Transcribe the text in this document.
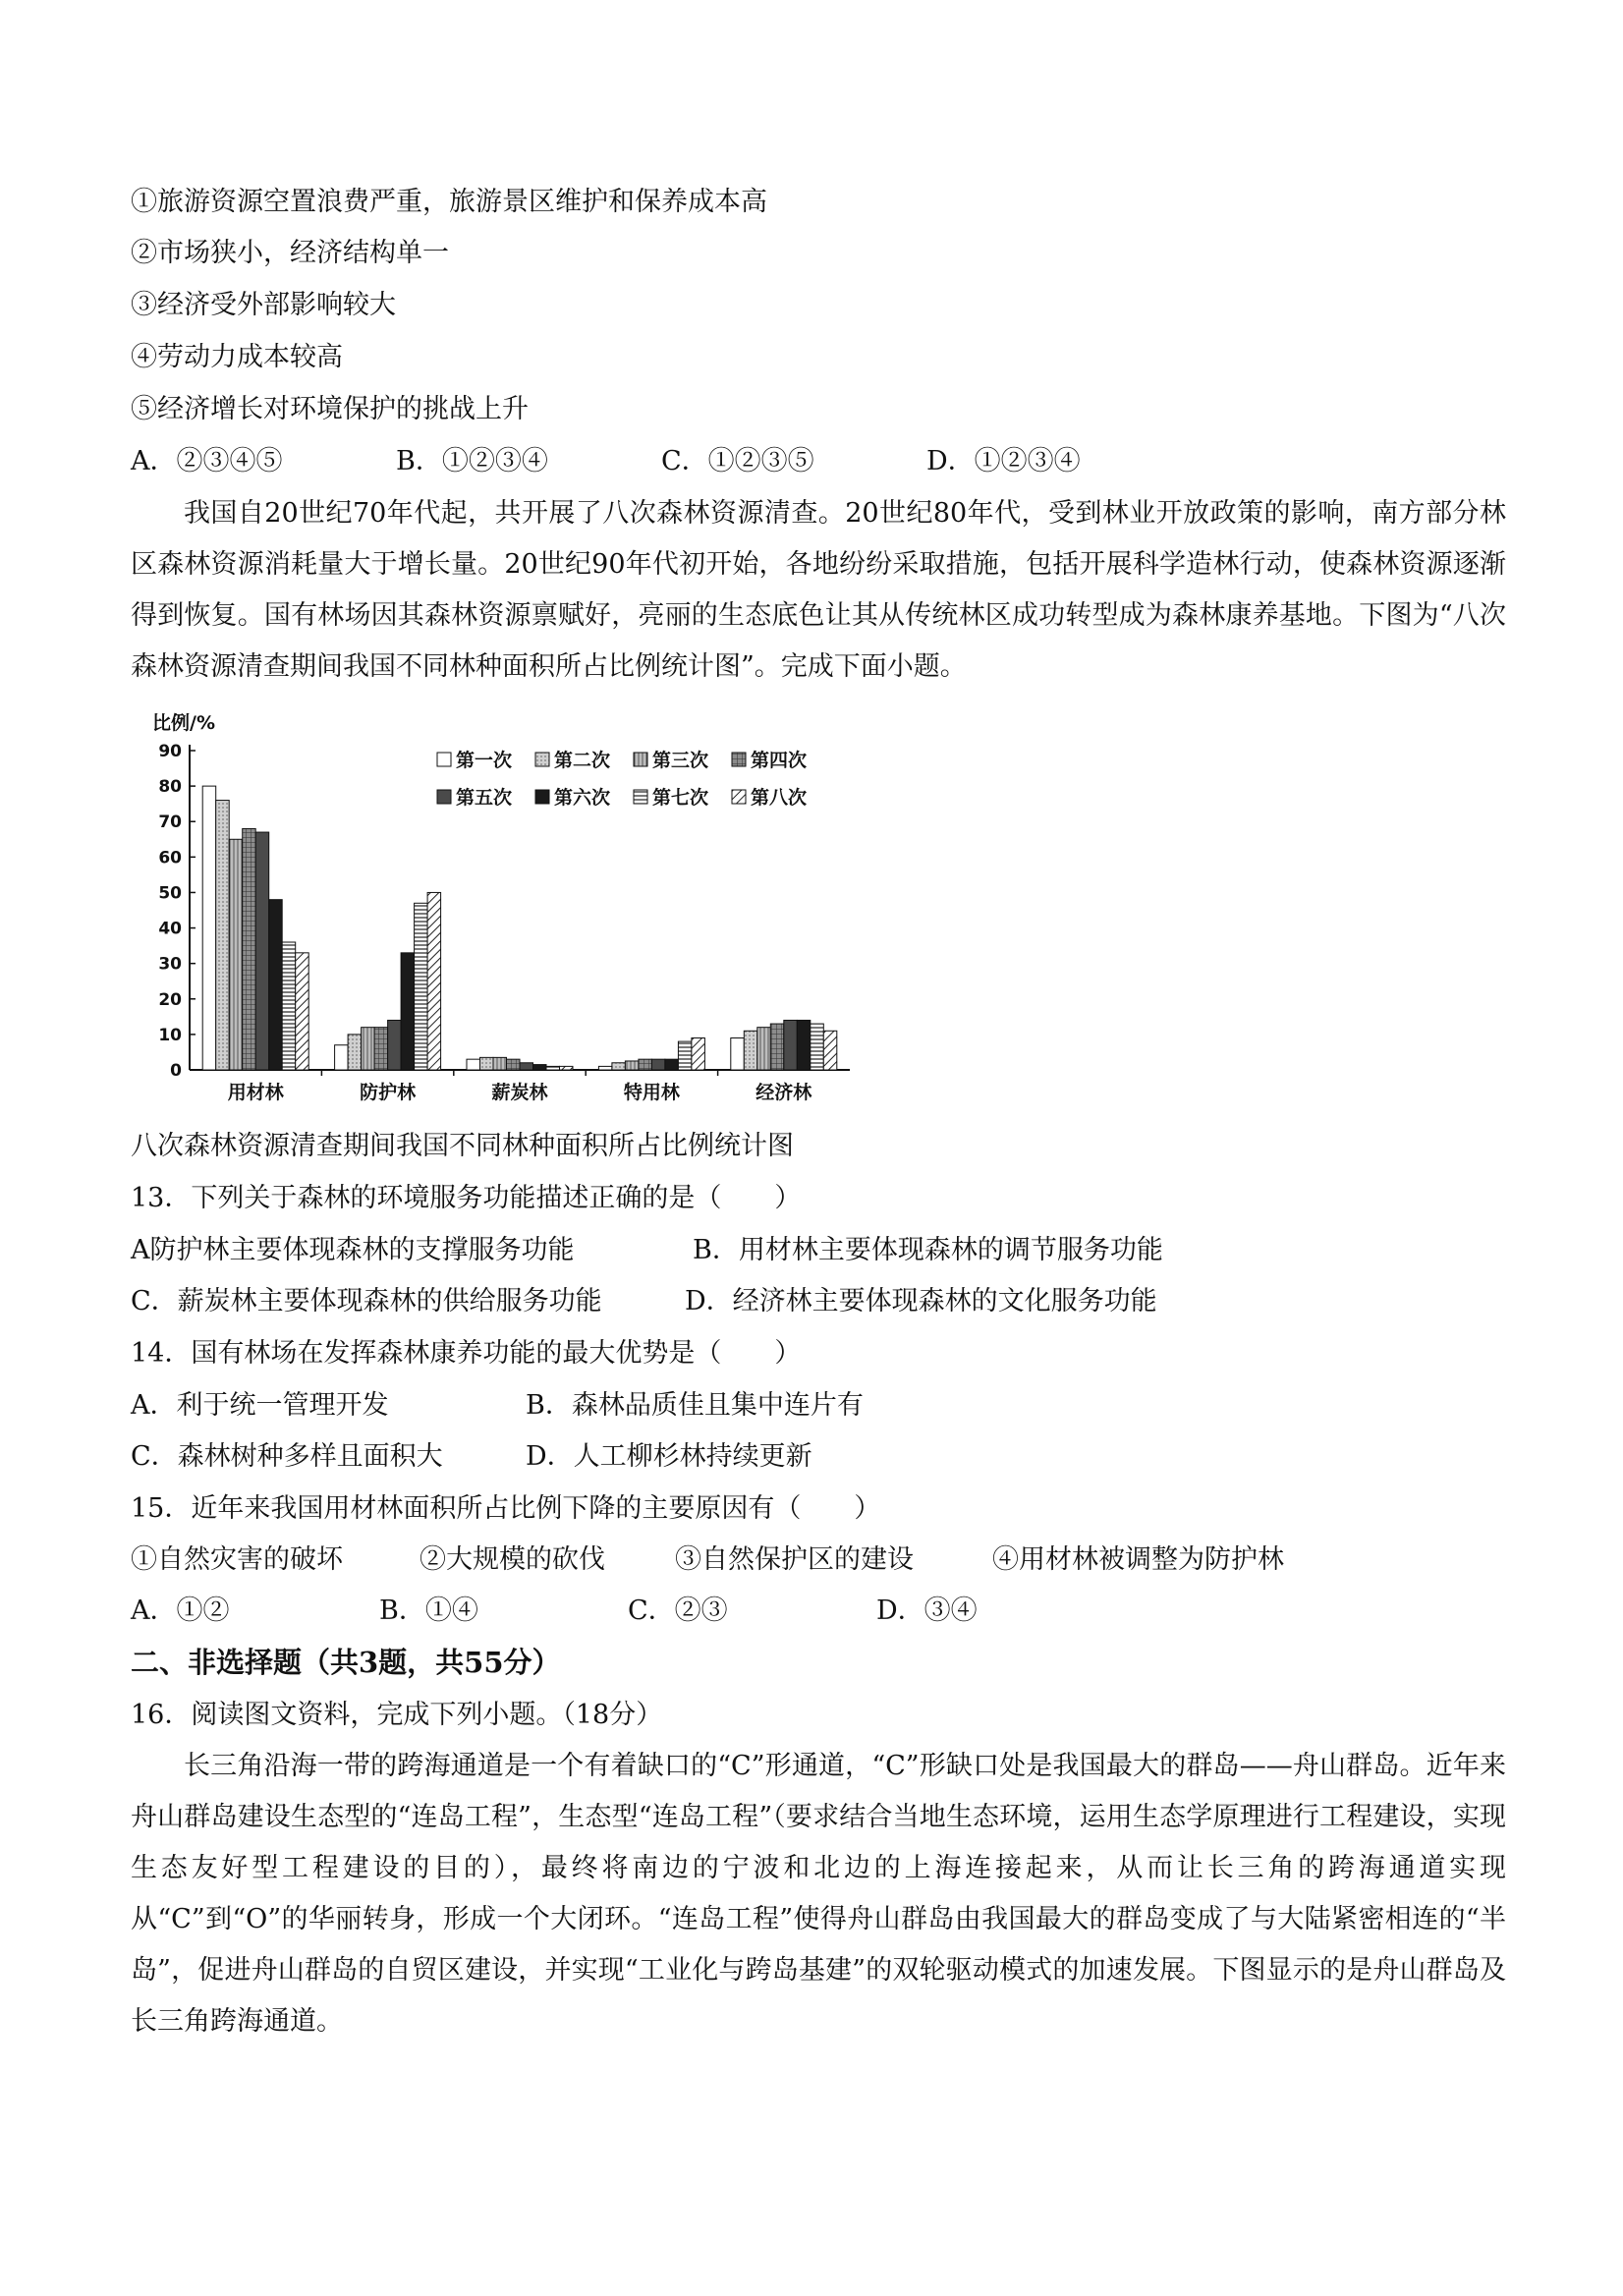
①旅游资源空置浪费严重，旅游景区维护和保养成本高
②市场狭小，经济结构单一
③经济受外部影响较大
④劳动力成本较高
⑤经济增长对环境保护的挑战上升
A．②③④⑤	B．①②③④	C．①②③⑤	D．①②③④

我国自20世纪70年代起，共开展了八次森林资源清查。20世纪80年代，受到林业开放政策的影响，南方部分林区森林资源消耗量大于增长量。20世纪90年代初开始，各地纷纷采取措施，包括开展科学造林行动，使森林资源逐渐得到恢复。国有林场因其森林资源禀赋好，亮丽的生态底色让其从传统林区成功转型成为森林康养基地。下图为“八次森林资源清查期间我国不同林种面积所占比例统计图”。完成下面小题。

比例/%
0
10
20
30
40
50
60
70
80
90
用材林	防护林	薪炭林	特用林	经济林
第一次 第二次 第三次 第四次
第五次 第六次 第七次 第八次
八次森林资源清查期间我国不同林种面积所占比例统计图
13．下列关于森林的环境服务功能描述正确的是（　　）
A防护林主要体现森林的支撑服务功能	B．用材林主要体现森林的调节服务功能
C．薪炭林主要体现森林的供给服务功能	D．经济林主要体现森林的文化服务功能
14．国有林场在发挥森林康养功能的最大优势是（　　）
A．利于统一管理开发	B．森林品质佳且集中连片有
C．森林树种多样且面积大	D．人工柳杉林持续更新
15．近年来我国用材林面积所占比例下降的主要原因有（　　）
①自然灾害的破坏	②大规模的砍伐	③自然保护区的建设	④用材林被调整为防护林
A．①②	B．①④	C．②③	D．③④
二、非选择题（共3题，共55分）
16．阅读图文资料，完成下列小题。（18分）

长三角沿海一带的跨海通道是一个有着缺口的“C”形通道，“C”形缺口处是我国最大的群岛——舟山群岛。近年来舟山群岛建设生态型的“连岛工程”，生态型“连岛工程”（要求结合当地生态环境，运用生态学原理进行工程建设，实现生态友好型工程建设的目的），最终将南边的宁波和北边的上海连接起来，从而让长三角的跨海通道实现从“C”到“O”的华丽转身，形成一个大闭环。“连岛工程”使得舟山群岛由我国最大的群岛变成了与大陆紧密相连的“半岛”，促进舟山群岛的自贸区建设，并实现“工业化与跨岛基建”的双轮驱动模式的加速发展。下图显示的是舟山群岛及长三角跨海通道。
